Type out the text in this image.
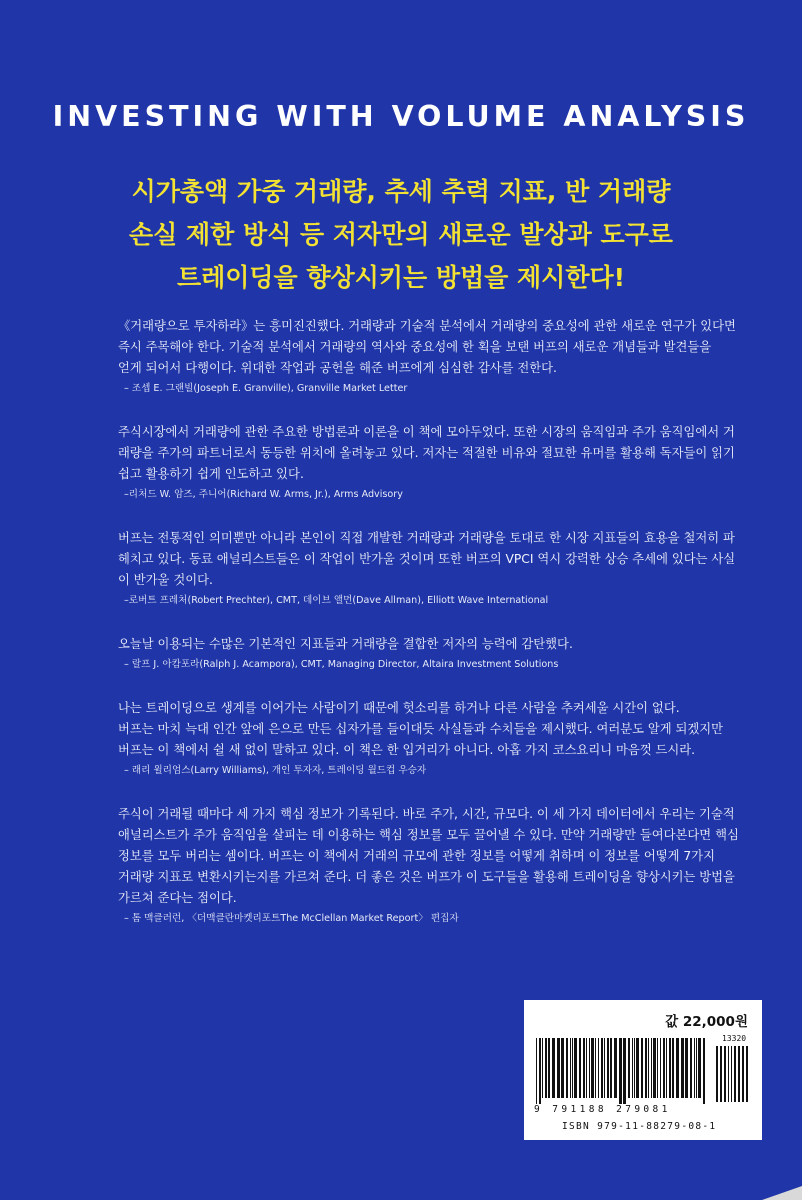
INVESTING WITH VOLUME ANALYSIS
시가총액 가중 거래량, 추세 추력 지표, 반 거래량
손실 제한 방식 등 저자만의 새로운 발상과 도구로
트레이딩을 향상시키는 방법을 제시한다!

《거래량으로 투자하라》는 흥미진진했다. 거래량과 기술적 분석에서 거래량의 중요성에 관한 새로운 연구가 있다면

즉시 주목해야 한다. 기술적 분석에서 거래량의 역사와 중요성에 한 획을 보탠 버프의 새로운 개념들과 발견들을

얻게 되어서 다행이다. 위대한 작업과 공헌을 해준 버프에게 심심한 감사를 전한다.

– 조셉 E. 그랜빌(Joseph E. Granville), Granville Market Letter

주식시장에서 거래량에 관한 주요한 방법론과 이론을 이 책에 모아두었다. 또한 시장의 움직임과 주가 움직임에서 거

래량을 주가의 파트너로서 동등한 위치에 올려놓고 있다. 저자는 적절한 비유와 절묘한 유머를 활용해 독자들이 읽기

쉽고 활용하기 쉽게 인도하고 있다.

–리처드 W. 암즈, 주니어(Richard W. Arms, Jr.), Arms Advisory

버프는 전통적인 의미뿐만 아니라 본인이 직접 개발한 거래량과 거래량을 토대로 한 시장 지표들의 효용을 철저히 파

헤치고 있다. 동료 애널리스트들은 이 작업이 반가울 것이며 또한 버프의 VPCI 역시 강력한 상승 추세에 있다는 사실

이 반가울 것이다.

–로버트 프레처(Robert Prechter), CMT, 데이브 앨먼(Dave Allman), Elliott Wave International

오늘날 이용되는 수많은 기본적인 지표들과 거래량을 결합한 저자의 능력에 감탄했다.

– 랄프 J. 아캄포라(Ralph J. Acampora), CMT, Managing Director, Altaira Investment Solutions

나는 트레이딩으로 생계를 이어가는 사람이기 때문에 헛소리를 하거나 다른 사람을 추켜세울 시간이 없다.

버프는 마치 늑대 인간 앞에 은으로 만든 십자가를 들이대듯 사실들과 수치들을 제시했다. 여러분도 알게 되겠지만

버프는 이 책에서 쉴 새 없이 말하고 있다. 이 책은 한 입거리가 아니다. 아홉 가지 코스요리니 마음껏 드시라.

– 래리 윌리엄스(Larry Williams), 개인 투자자, 트레이딩 월드컵 우승자

주식이 거래될 때마다 세 가지 핵심 정보가 기록된다. 바로 주가, 시간, 규모다. 이 세 가지 데이터에서 우리는 기술적

애널리스트가 주가 움직임을 살피는 데 이용하는 핵심 정보를 모두 끌어낼 수 있다. 만약 거래량만 들여다본다면 핵심

정보를 모두 버리는 셈이다. 버프는 이 책에서 거래의 규모에 관한 정보를 어떻게 취하며 이 정보를 어떻게 7가지

거래량 지표로 변환시키는지를 가르쳐 준다. 더 좋은 것은 버프가 이 도구들을 활용해 트레이딩을 향상시키는 방법을

가르쳐 준다는 점이다.

– 톰 맥클러런, 〈더맥클란마켓리포트The McClellan Market Report〉 편집자
값 22,000원
13320
9 791188 279081
ISBN 979-11-88279-08-1
